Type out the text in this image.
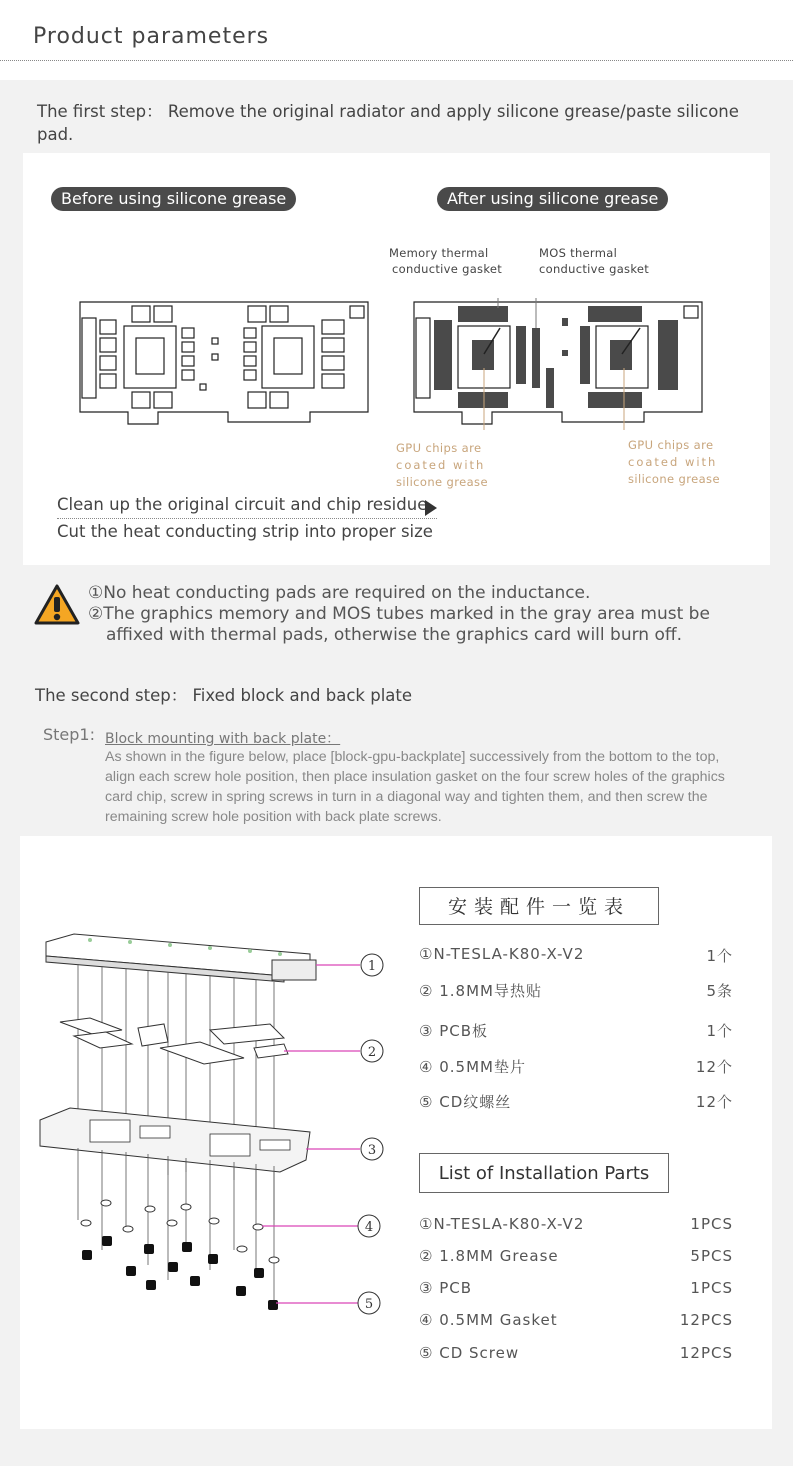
Product parameters
The first step： Remove the original radiator and apply silicone grease/paste silicone pad.
Before using silicone grease	After using silicone grease
Memory thermal
conductive gasket
MOS thermal
conductive gasket
GPU chips are
coated with
silicone grease
GPU chips are
coated with
silicone grease
Clean up the original circuit and chip residue
Cut the heat conducting strip into proper size
①No heat conducting pads are required on the inductance.
②The graphics memory and MOS tubes marked in the gray area must be
affixed with thermal pads, otherwise the graphics card will burn off.
The second step： Fixed block and back plate
Step1: Block mounting with back plate：
As shown in the figure below, place [block-gpu-backplate] successively from the bottom to the top, align each screw hole position, then place insulation gasket on the four screw holes of the graphics card chip, screw in spring screws in turn in a diagonal way and tighten them, and then screw the remaining screw hole position with back plate screws.
1
2
3
4
5
安装配件一览表
①N-TESLA-K80-X-V2	1个
② 1.8MM导热贴	5条
③ PCB板	1个
④ 0.5MM垫片	12个
⑤ CD纹螺丝	12个
List of Installation Parts
①N-TESLA-K80-X-V2	1PCS
② 1.8MM Grease	5PCS
③ PCB	1PCS
④ 0.5MM Gasket	12PCS
⑤ CD Screw	12PCS
